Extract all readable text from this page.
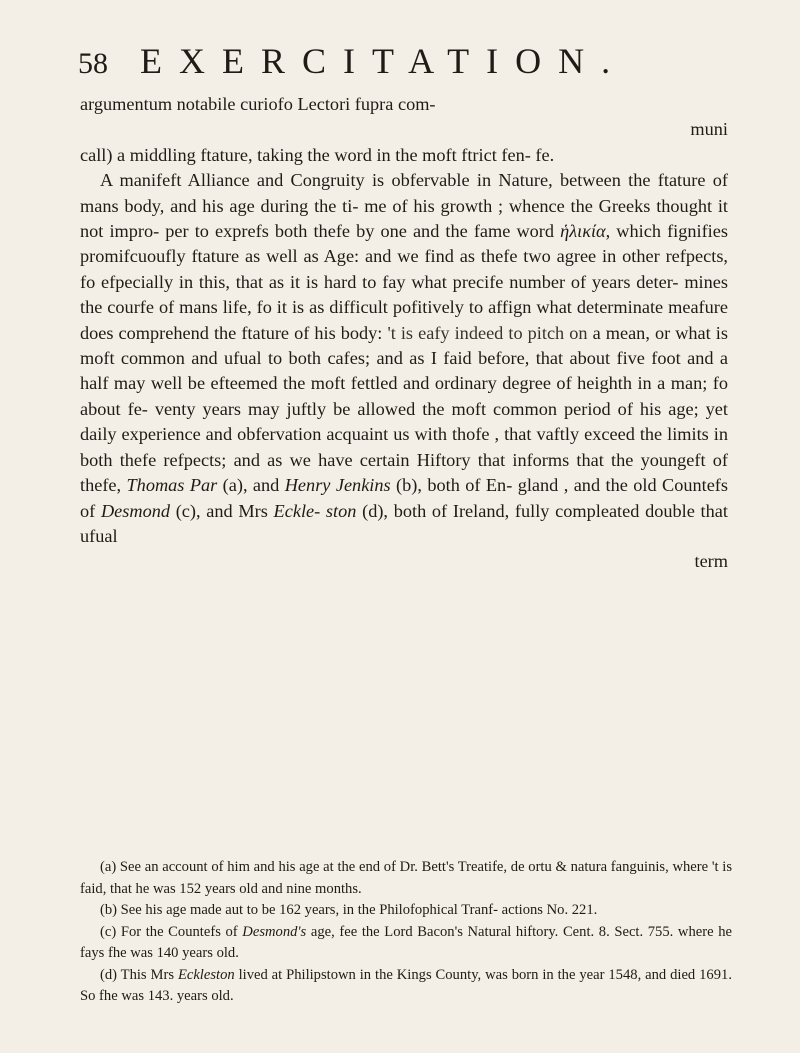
58 EXERCITATION.

argumentum notabile curiofo Lectori fupra com-

muni

call) a middling ftature, taking the word in the moft ftrict fen- fe.

A manifeft Alliance and Congruity is obfervable in Nature, between the ftature of mans body, and his age during the ti- me of his growth ; whence the Greeks thought it not impro- per to exprefs both thefe by one and the fame word ἡλικία, which fignifies promifcuoufly ftature as well as Age: and we find as thefe two agree in other refpects, fo efpecially in this, that as it is hard to fay what precife number of years deter- mines the courfe of mans life, fo it is as difficult pofitively to affign what determinate meafure does comprehend the ftature of his body: 't is eafy indeed to pitch on a mean, or what is moft common and ufual to both cafes; and as I faid before, that about five foot and a half may well be efteemed the moft fettled and ordinary degree of heighth in a man; fo about fe- venty years may juftly be allowed the moft common period of his age; yet daily experience and obfervation acquaint us with thofe , that vaftly exceed the limits in both thefe refpects; and as we have certain Hiftory that informs that the youngeft of thefe, Thomas Par (a), and Henry Jenkins (b), both of En- gland , and the old Countefs of Desmond (c), and Mrs Eckle- ston (d), both of Ireland, fully compleated double that ufual

term

(a) See an account of him and his age at the end of Dr. Bett's Treatife, de ortu & natura fanguinis, where 't is faid, that he was 152 years old and nine months.

(b) See his age made aut to be 162 years, in the Philofophical Tranf- actions No. 221.

(c) For the Countefs of Desmond's age, fee the Lord Bacon's Natural hiftory. Cent. 8. Sect. 755. where he fays fhe was 140 years old.

(d) This Mrs Eckleston lived at Philipstown in the Kings County, was born in the year 1548, and died 1691. So fhe was 143. years old.
